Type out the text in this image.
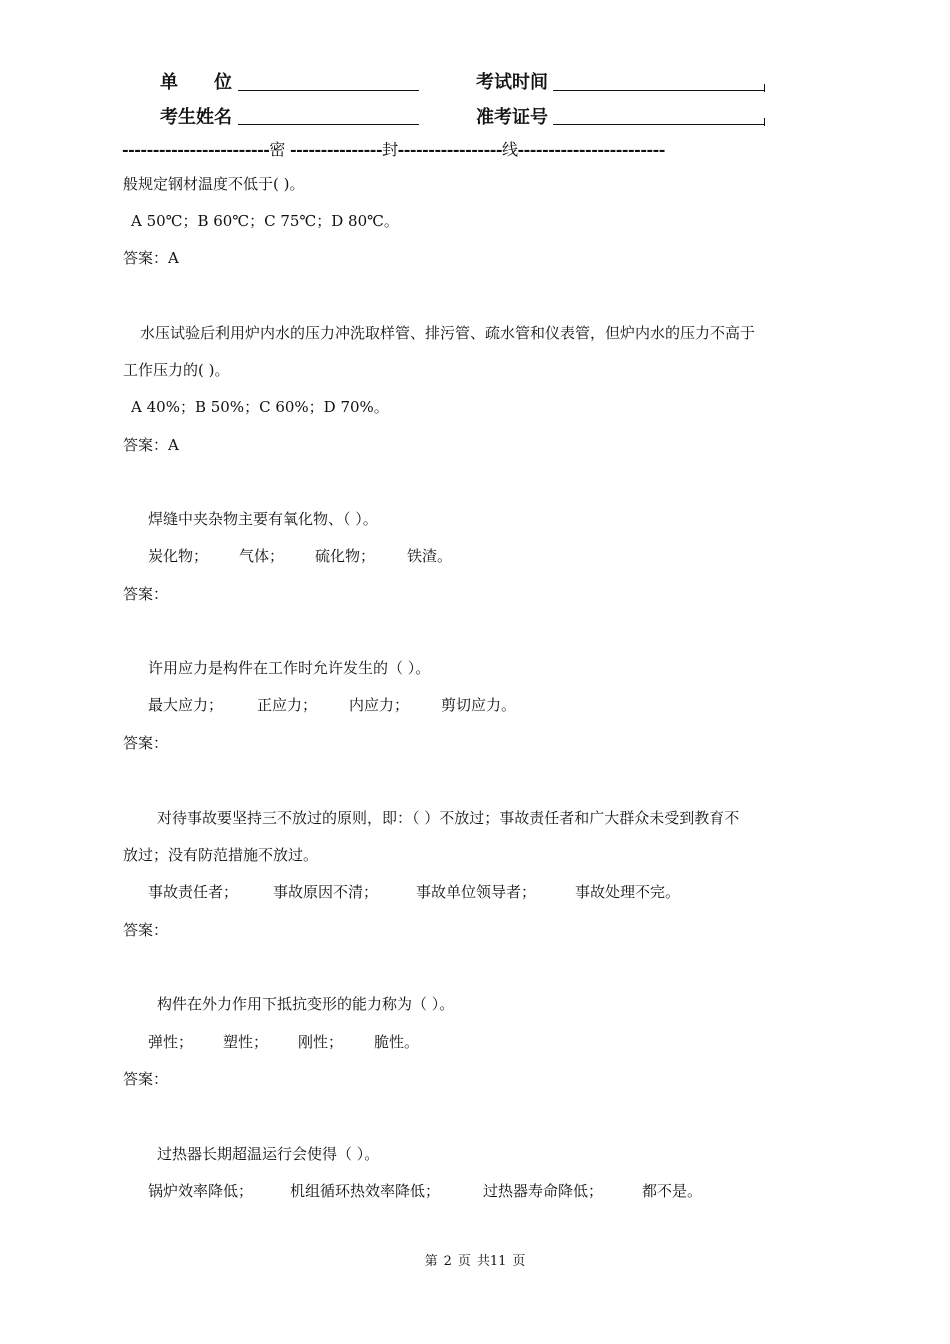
单　　位	考试时间
考生姓名	准考证号
------------------------密 ---------------封-----------------线------------------------
般规定钢材温度不低于( )。
A 50℃；B 60℃；C 75℃；D 80℃。
答案：A
水压试验后利用炉内水的压力冲洗取样管、排污管、疏水管和仪表管，但炉内水的压力不高于
工作压力的( )。
A 40%；B 50%；C 60%；D 70%。
答案：A
焊缝中夹杂物主要有氧化物、（ ）。
炭化物； 气体； 硫化物； 铁渣。
答案：
许用应力是构件在工作时允许发生的（ ）。
最大应力； 正应力； 内应力； 剪切应力。
答案：
对待事故要坚持三不放过的原则，即：（ ）不放过；事故责任者和广大群众未受到教育不
放过；没有防范措施不放过。
事故责任者； 事故原因不清；	事故单位领导者；	事故处理不完。
答案：
构件在外力作用下抵抗变形的能力称为（ ）。
弹性； 塑性； 刚性； 脆性。
答案：
过热器长期超温运行会使得（ ）。
锅炉效率降低； 机组循环热效率降低；	过热器寿命降低；	都不是。
第 2 页 共11 页
